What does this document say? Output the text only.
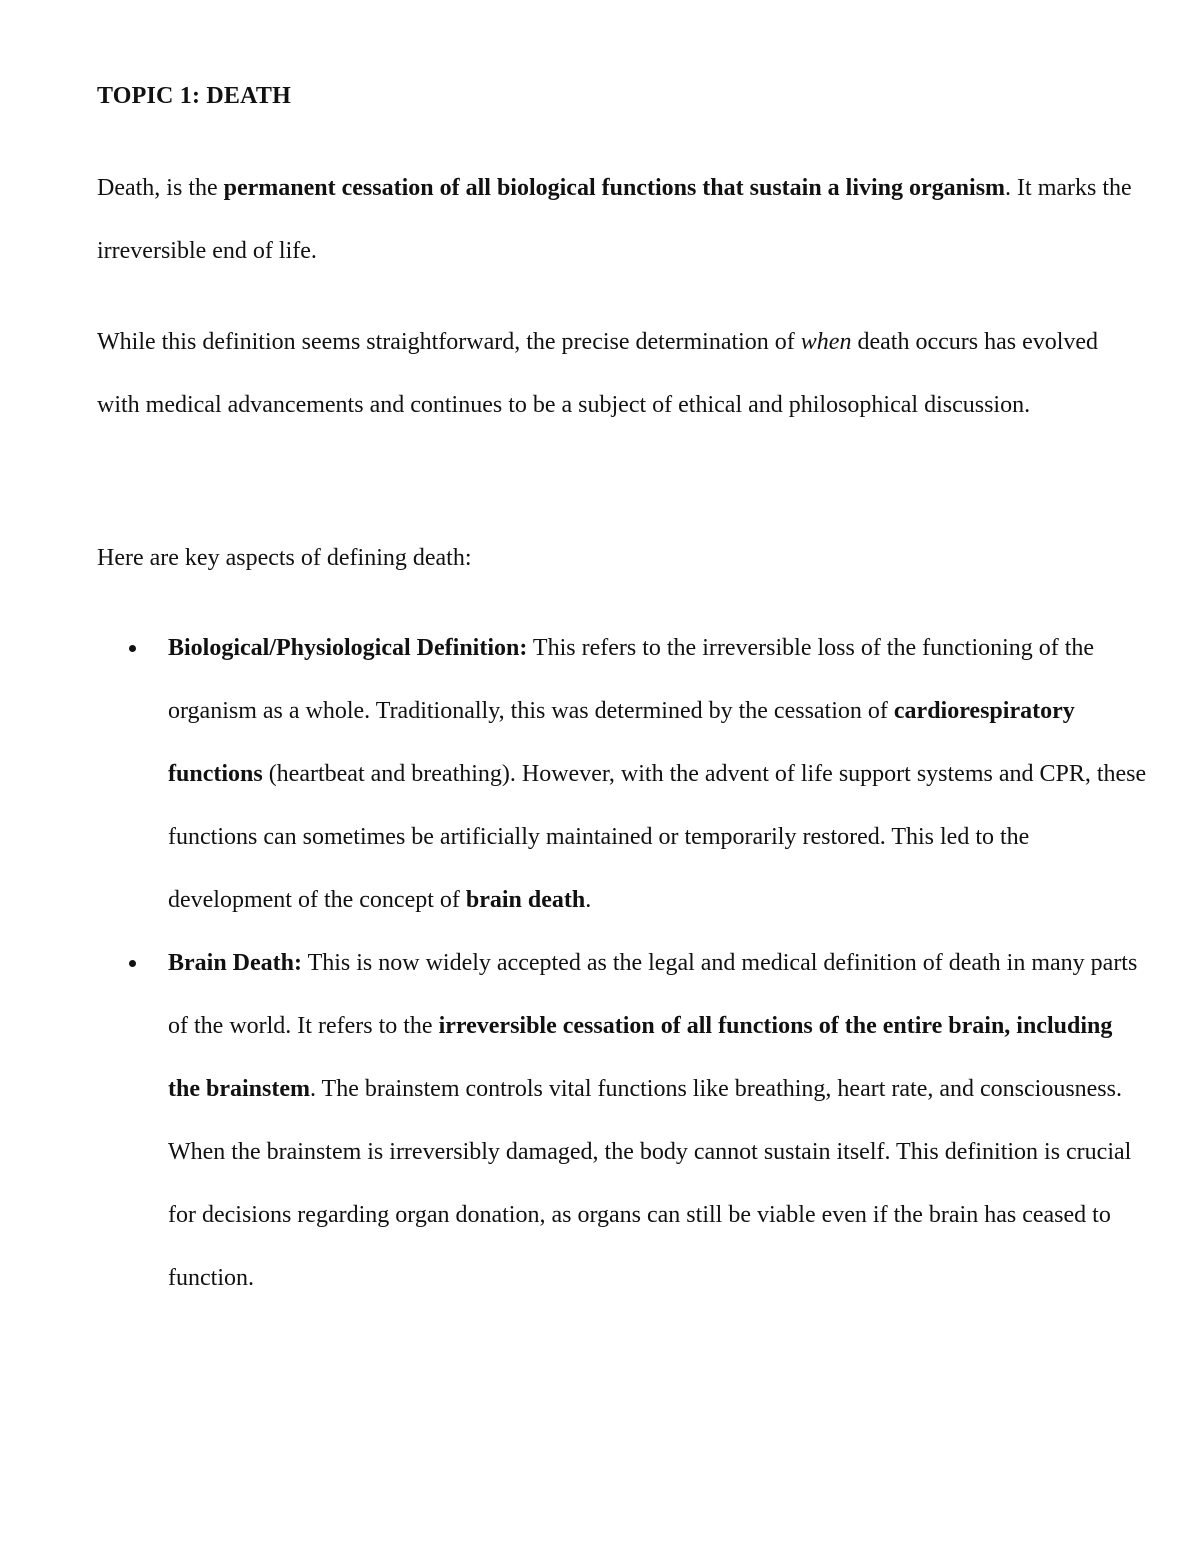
TOPIC 1: DEATH

Death, is the permanent cessation of all biological functions that sustain a living organism. It marks the irreversible end of life.

While this definition seems straightforward, the precise determination of when death occurs has evolved with medical advancements and continues to be a subject of ethical and philosophical discussion.

Here are key aspects of defining death:

Biological/Physiological Definition: This refers to the irreversible loss of the functioning of the organism as a whole. Traditionally, this was determined by the cessation of cardiorespiratory functions (heartbeat and breathing). However, with the advent of life support systems and CPR, these functions can sometimes be artificially maintained or temporarily restored. This led to the development of the concept of brain death.
Brain Death: This is now widely accepted as the legal and medical definition of death in many parts of the world. It refers to the irreversible cessation of all functions of the entire brain, including the brainstem. The brainstem controls vital functions like breathing, heart rate, and consciousness. When the brainstem is irreversibly damaged, the body cannot sustain itself. This definition is crucial for decisions regarding organ donation, as organs can still be viable even if the brain has ceased to function.
